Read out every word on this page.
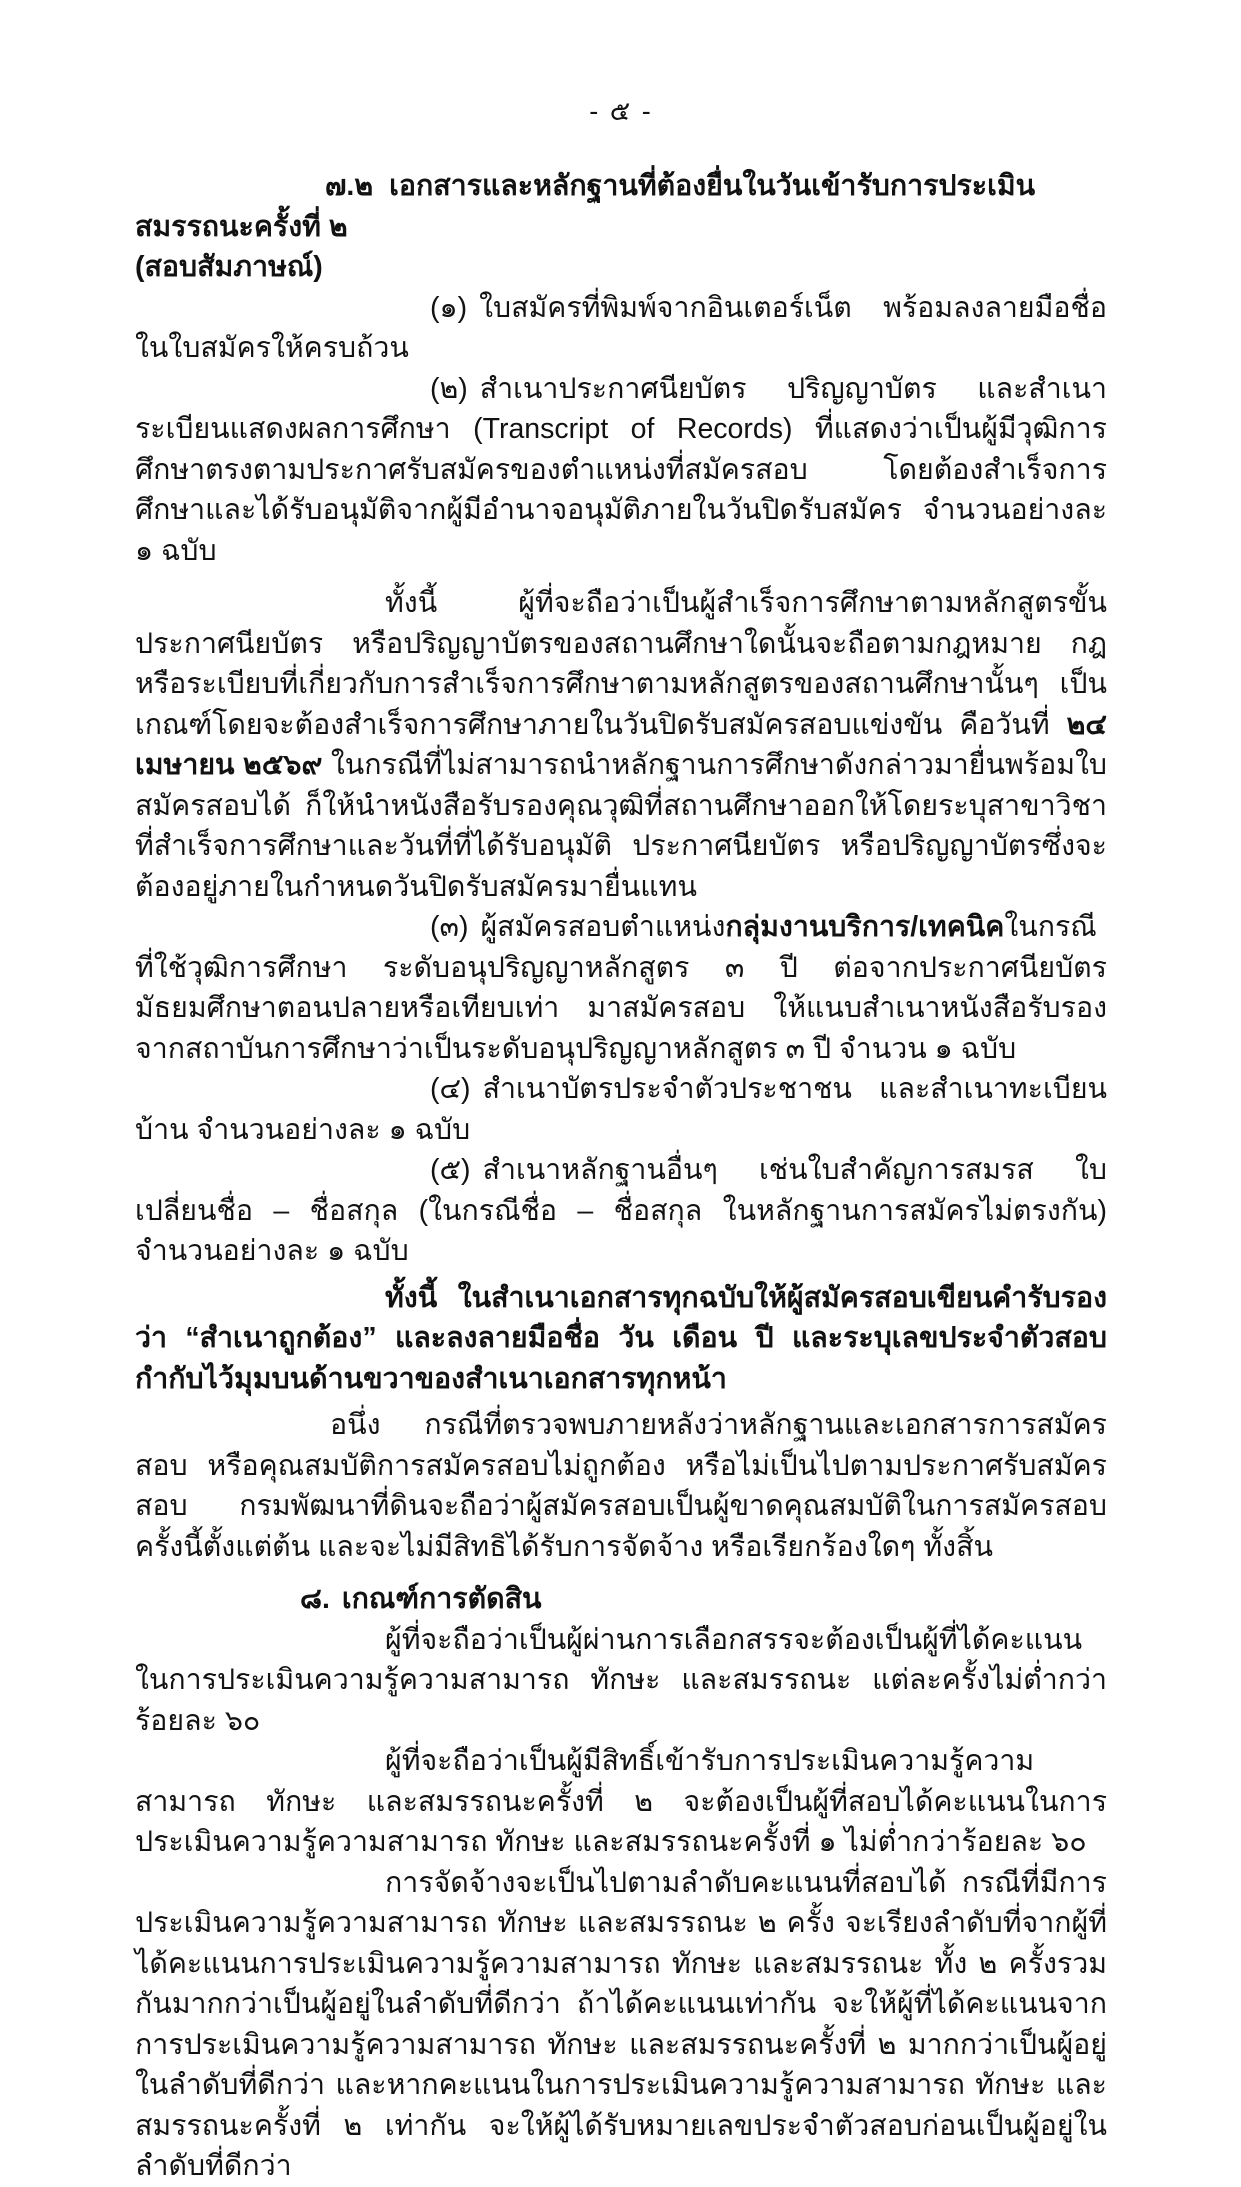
- ๕ -

๗.๒ เอกสารและหลักฐานที่ต้องยื่นในวันเข้ารับการประเมินสมรรถนะครั้งที่ ๒
(สอบสัมภาษณ์)

(๑) ใบสมัครที่พิมพ์จากอินเตอร์เน็ต พร้อมลงลายมือชื่อในใบสมัครให้ครบถ้วน

(๒) สำเนาประกาศนียบัตร ปริญญาบัตร และสำเนาระเบียนแสดงผลการศึกษา (Transcript of Records) ที่แสดงว่าเป็นผู้มีวุฒิการศึกษาตรงตามประกาศรับสมัครของตำแหน่งที่สมัครสอบ โดยต้องสำเร็จการศึกษาและได้รับอนุมัติจากผู้มีอำนาจอนุมัติภายในวันปิดรับสมัคร จำนวนอย่างละ ๑ ฉบับ

ทั้งนี้  ผู้ที่จะถือว่าเป็นผู้สำเร็จการศึกษาตามหลักสูตรขั้นประกาศนียบัตร หรือปริญญาบัตรของสถานศึกษาใดนั้นจะถือตามกฎหมาย กฎหรือระเบียบที่เกี่ยวกับการสำเร็จการศึกษาตามหลักสูตรของสถานศึกษานั้นๆ เป็นเกณฑ์โดยจะต้องสำเร็จการศึกษาภายในวันปิดรับสมัครสอบแข่งขัน คือวันที่ ๒๔ เมษายน ๒๕๖๙ ในกรณีที่ไม่สามารถนำหลักฐานการศึกษาดังกล่าวมายื่นพร้อมใบสมัครสอบได้ ก็ให้นำหนังสือรับรองคุณวุฒิที่สถานศึกษาออกให้โดยระบุสาขาวิชาที่สำเร็จการศึกษาและวันที่ที่ได้รับอนุมัติ ประกาศนียบัตร หรือปริญญาบัตรซึ่งจะต้องอยู่ภายในกำหนดวันปิดรับสมัครมายื่นแทน

(๓) ผู้สมัครสอบตำแหน่งกลุ่มงานบริการ/เทคนิคในกรณีที่ใช้วุฒิการศึกษา ระดับอนุปริญญาหลักสูตร ๓ ปี ต่อจากประกาศนียบัตรมัธยมศึกษาตอนปลายหรือเทียบเท่า มาสมัครสอบ ให้แนบสำเนาหนังสือรับรองจากสถาบันการศึกษาว่าเป็นระดับอนุปริญญาหลักสูตร ๓ ปี จำนวน ๑ ฉบับ

(๔) สำเนาบัตรประจำตัวประชาชน และสำเนาทะเบียนบ้าน จำนวนอย่างละ ๑ ฉบับ

(๕) สำเนาหลักฐานอื่นๆ เช่นใบสำคัญการสมรส ใบเปลี่ยนชื่อ – ชื่อสกุล (ในกรณีชื่อ – ชื่อสกุล ในหลักฐานการสมัครไม่ตรงกัน) จำนวนอย่างละ ๑ ฉบับ

ทั้งนี้  ในสำเนาเอกสารทุกฉบับให้ผู้สมัครสอบเขียนคำรับรองว่า “สำเนาถูกต้อง” และลงลายมือชื่อ วัน เดือน ปี และระบุเลขประจำตัวสอบกำกับไว้มุมบนด้านขวาของสำเนาเอกสารทุกหน้า

อนึ่ง  กรณีที่ตรวจพบภายหลังว่าหลักฐานและเอกสารการสมัครสอบ หรือคุณสมบัติการสมัครสอบไม่ถูกต้อง หรือไม่เป็นไปตามประกาศรับสมัครสอบ กรมพัฒนาที่ดินจะถือว่าผู้สมัครสอบเป็นผู้ขาดคุณสมบัติในการสมัครสอบครั้งนี้ตั้งแต่ต้น และจะไม่มีสิทธิได้รับการจัดจ้าง หรือเรียกร้องใดๆ ทั้งสิ้น

๘. เกณฑ์การตัดสิน

ผู้ที่จะถือว่าเป็นผู้ผ่านการเลือกสรรจะต้องเป็นผู้ที่ได้คะแนนในการประเมินความรู้ความสามารถ ทักษะ และสมรรถนะ แต่ละครั้งไม่ต่ำกว่าร้อยละ ๖๐

ผู้ที่จะถือว่าเป็นผู้มีสิทธิ์เข้ารับการประเมินความรู้ความสามารถ ทักษะ และสมรรถนะครั้งที่ ๒ จะต้องเป็นผู้ที่สอบได้คะแนนในการประเมินความรู้ความสามารถ ทักษะ และสมรรถนะครั้งที่ ๑ ไม่ต่ำกว่าร้อยละ ๖๐

การจัดจ้างจะเป็นไปตามลำดับคะแนนที่สอบได้ กรณีที่มีการประเมินความรู้ความสามารถ ทักษะ และสมรรถนะ ๒ ครั้ง จะเรียงลำดับที่จากผู้ที่ได้คะแนนการประเมินความรู้ความสามารถ ทักษะ และสมรรถนะ ทั้ง ๒ ครั้งรวมกันมากกว่าเป็นผู้อยู่ในลำดับที่ดีกว่า ถ้าได้คะแนนเท่ากัน จะให้ผู้ที่ได้คะแนนจากการประเมินความรู้ความสามารถ ทักษะ และสมรรถนะครั้งที่ ๒ มากกว่าเป็นผู้อยู่ในลำดับที่ดีกว่า และหากคะแนนในการประเมินความรู้ความสามารถ ทักษะ และสมรรถนะครั้งที่ ๒ เท่ากัน จะให้ผู้ได้รับหมายเลขประจำตัวสอบก่อนเป็นผู้อยู่ในลำดับที่ดีกว่า
